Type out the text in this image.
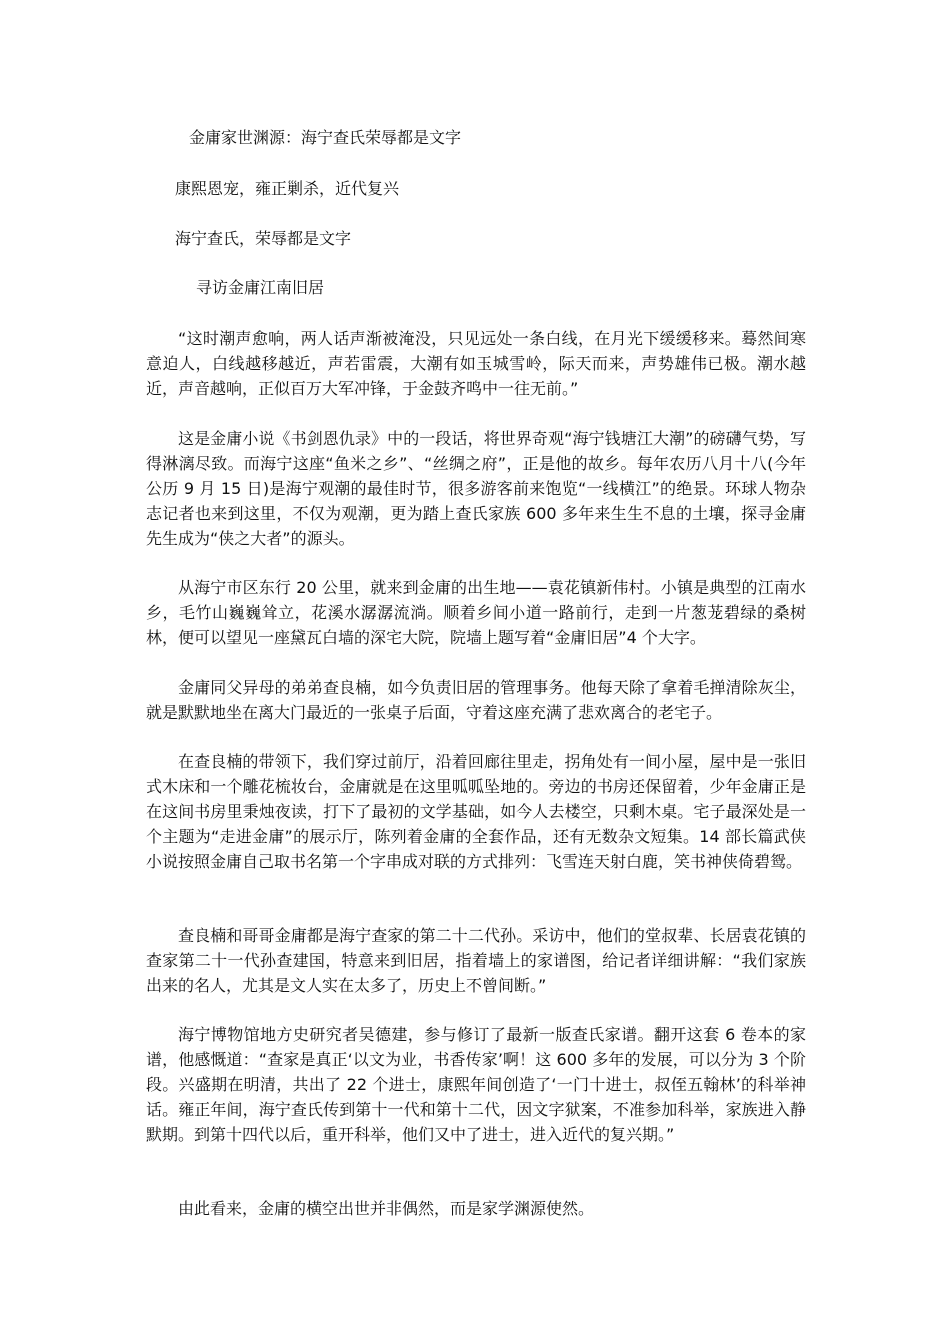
金庸家世渊源：海宁查氏荣辱都是文字

康熙恩宠，雍正剿杀，近代复兴

海宁查氏，荣辱都是文字

寻访金庸江南旧居

“这时潮声愈响，两人话声渐被淹没，只见远处一条白线，在月光下缓缓移来。蓦然间寒意迫人，白线越移越近，声若雷震，大潮有如玉城雪岭，际天而来，声势雄伟已极。潮水越近，声音越响，正似百万大军冲锋，于金鼓齐鸣中一往无前。”

这是金庸小说《书剑恩仇录》中的一段话，将世界奇观“海宁钱塘江大潮”的磅礴气势，写得淋漓尽致。而海宁这座“鱼米之乡”、“丝绸之府”，正是他的故乡。每年农历八月十八(今年公历 9 月 15 日)是海宁观潮的最佳时节，很多游客前来饱览“一线横江”的绝景。环球人物杂志记者也来到这里，不仅为观潮，更为踏上查氏家族 600 多年来生生不息的土壤，探寻金庸先生成为“侠之大者”的源头。

从海宁市区东行 20 公里，就来到金庸的出生地——袁花镇新伟村。小镇是典型的江南水乡，毛竹山巍巍耸立，花溪水潺潺流淌。顺着乡间小道一路前行，走到一片葱茏碧绿的桑树林，便可以望见一座黛瓦白墙的深宅大院，院墙上题写着“金庸旧居”4 个大字。

金庸同父异母的弟弟查良楠，如今负责旧居的管理事务。他每天除了拿着毛掸清除灰尘，就是默默地坐在离大门最近的一张桌子后面，守着这座充满了悲欢离合的老宅子。

在查良楠的带领下，我们穿过前厅，沿着回廊往里走，拐角处有一间小屋，屋中是一张旧式木床和一个雕花梳妆台，金庸就是在这里呱呱坠地的。旁边的书房还保留着，少年金庸正是在这间书房里秉烛夜读，打下了最初的文学基础，如今人去楼空，只剩木桌。宅子最深处是一个主题为“走进金庸”的展示厅，陈列着金庸的全套作品，还有无数杂文短集。14 部长篇武侠小说按照金庸自己取书名第一个字串成对联的方式排列：飞雪连天射白鹿，笑书神侠倚碧鸳。

查良楠和哥哥金庸都是海宁查家的第二十二代孙。采访中，他们的堂叔辈、长居袁花镇的查家第二十一代孙查建国，特意来到旧居，指着墙上的家谱图，给记者详细讲解：“我们家族出来的名人，尤其是文人实在太多了，历史上不曾间断。”

海宁博物馆地方史研究者吴德建，参与修订了最新一版查氏家谱。翻开这套 6 卷本的家谱，他感慨道：“查家是真正‘以文为业，书香传家’啊！这 600 多年的发展，可以分为 3 个阶段。兴盛期在明清，共出了 22 个进士，康熙年间创造了‘一门十进士，叔侄五翰林’的科举神话。雍正年间，海宁查氏传到第十一代和第十二代，因文字狱案，不准参加科举，家族进入静默期。到第十四代以后，重开科举，他们又中了进士，进入近代的复兴期。”

由此看来，金庸的横空出世并非偶然，而是家学渊源使然。
